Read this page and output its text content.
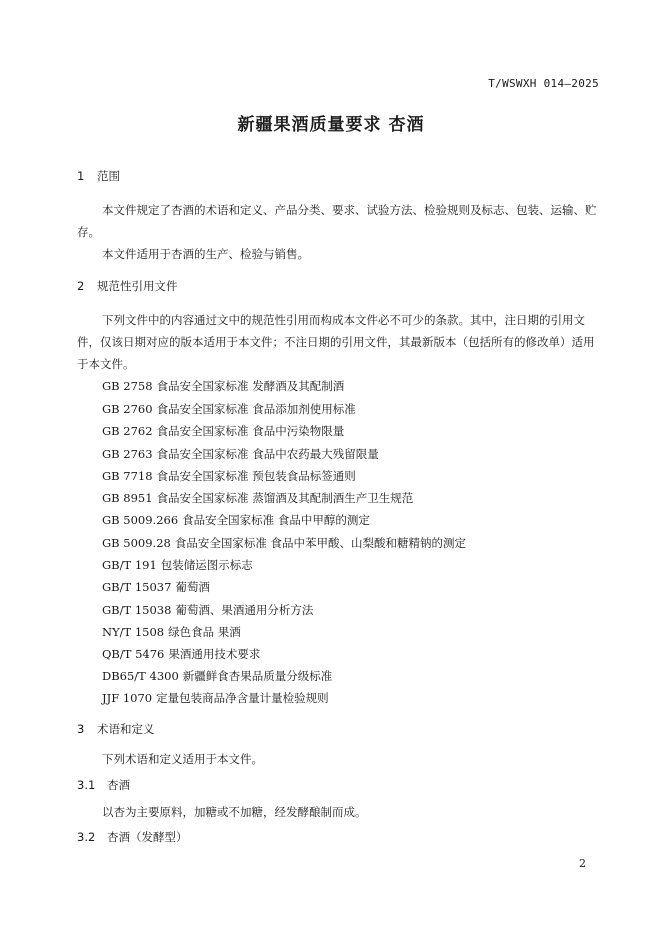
T/WSWXH 014—2025
新疆果酒质量要求 杏酒
1 范围
本文件规定了杏酒的术语和定义、产品分类、要求、试验方法、检验规则及标志、包装、运输、贮存。
本文件适用于杏酒的生产、检验与销售。
2 规范性引用文件
下列文件中的内容通过文中的规范性引用而构成本文件必不可少的条款。其中，注日期的引用文件，仅该日期对应的版本适用于本文件；不注日期的引用文件，其最新版本（包括所有的修改单）适用于本文件。
GB 2758 食品安全国家标准 发酵酒及其配制酒
GB 2760 食品安全国家标准 食品添加剂使用标准
GB 2762 食品安全国家标准 食品中污染物限量
GB 2763 食品安全国家标准 食品中农药最大残留限量
GB 7718 食品安全国家标准 预包装食品标签通则
GB 8951 食品安全国家标准 蒸馏酒及其配制酒生产卫生规范
GB 5009.266 食品安全国家标准 食品中甲醇的测定
GB 5009.28 食品安全国家标准 食品中苯甲酸、山梨酸和糖精钠的测定
GB/T 191 包装储运图示标志
GB/T 15037 葡萄酒
GB/T 15038 葡萄酒、果酒通用分析方法
NY/T 1508 绿色食品 果酒
QB/T 5476 果酒通用技术要求
DB65/T 4300 新疆鲜食杏果品质量分级标准
JJF 1070 定量包装商品净含量计量检验规则
3 术语和定义
下列术语和定义适用于本文件。
3.1 杏酒
以杏为主要原料，加糖或不加糖，经发酵酿制而成。
3.2 杏酒（发酵型）
2
